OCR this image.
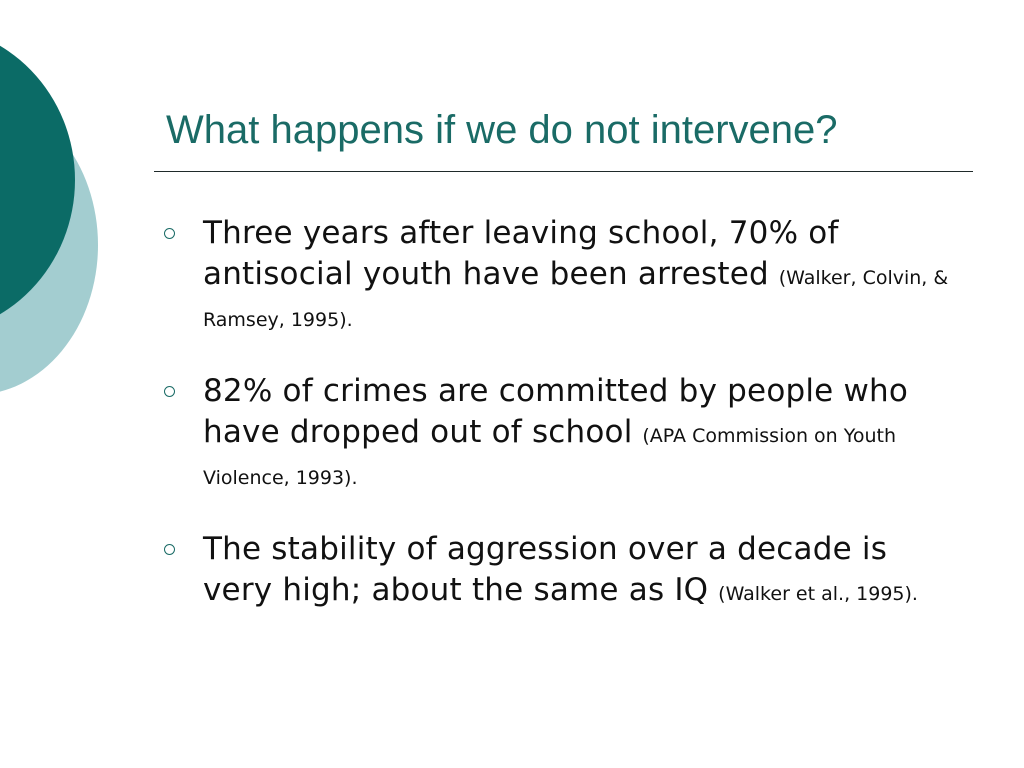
What happens if we do not intervene?
Three years after leaving school, 70% of antisocial youth have been arrested (Walker, Colvin, & Ramsey, 1995).
82% of crimes are committed by people who have dropped out of school (APA Commission on Youth Violence, 1993).
The stability of aggression over a decade is very high; about the same as IQ (Walker et al., 1995).
